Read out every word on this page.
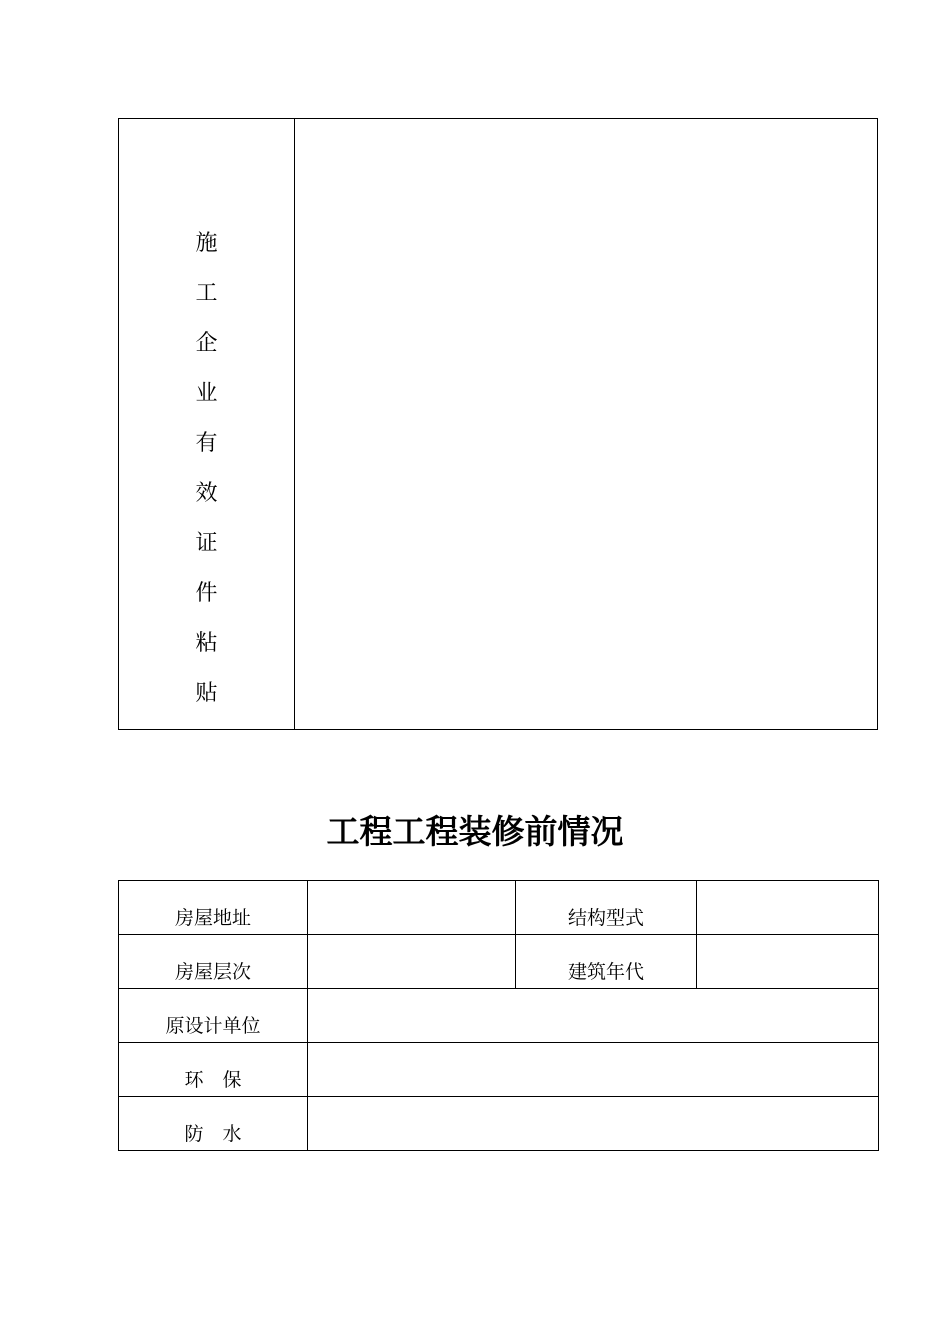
施
工
企
业
有
效
证
件
粘
贴

工程工程装修前情况
房屋地址		结构型式	
房屋层次		建筑年代	
原设计单位			
环　保			
防　水			
